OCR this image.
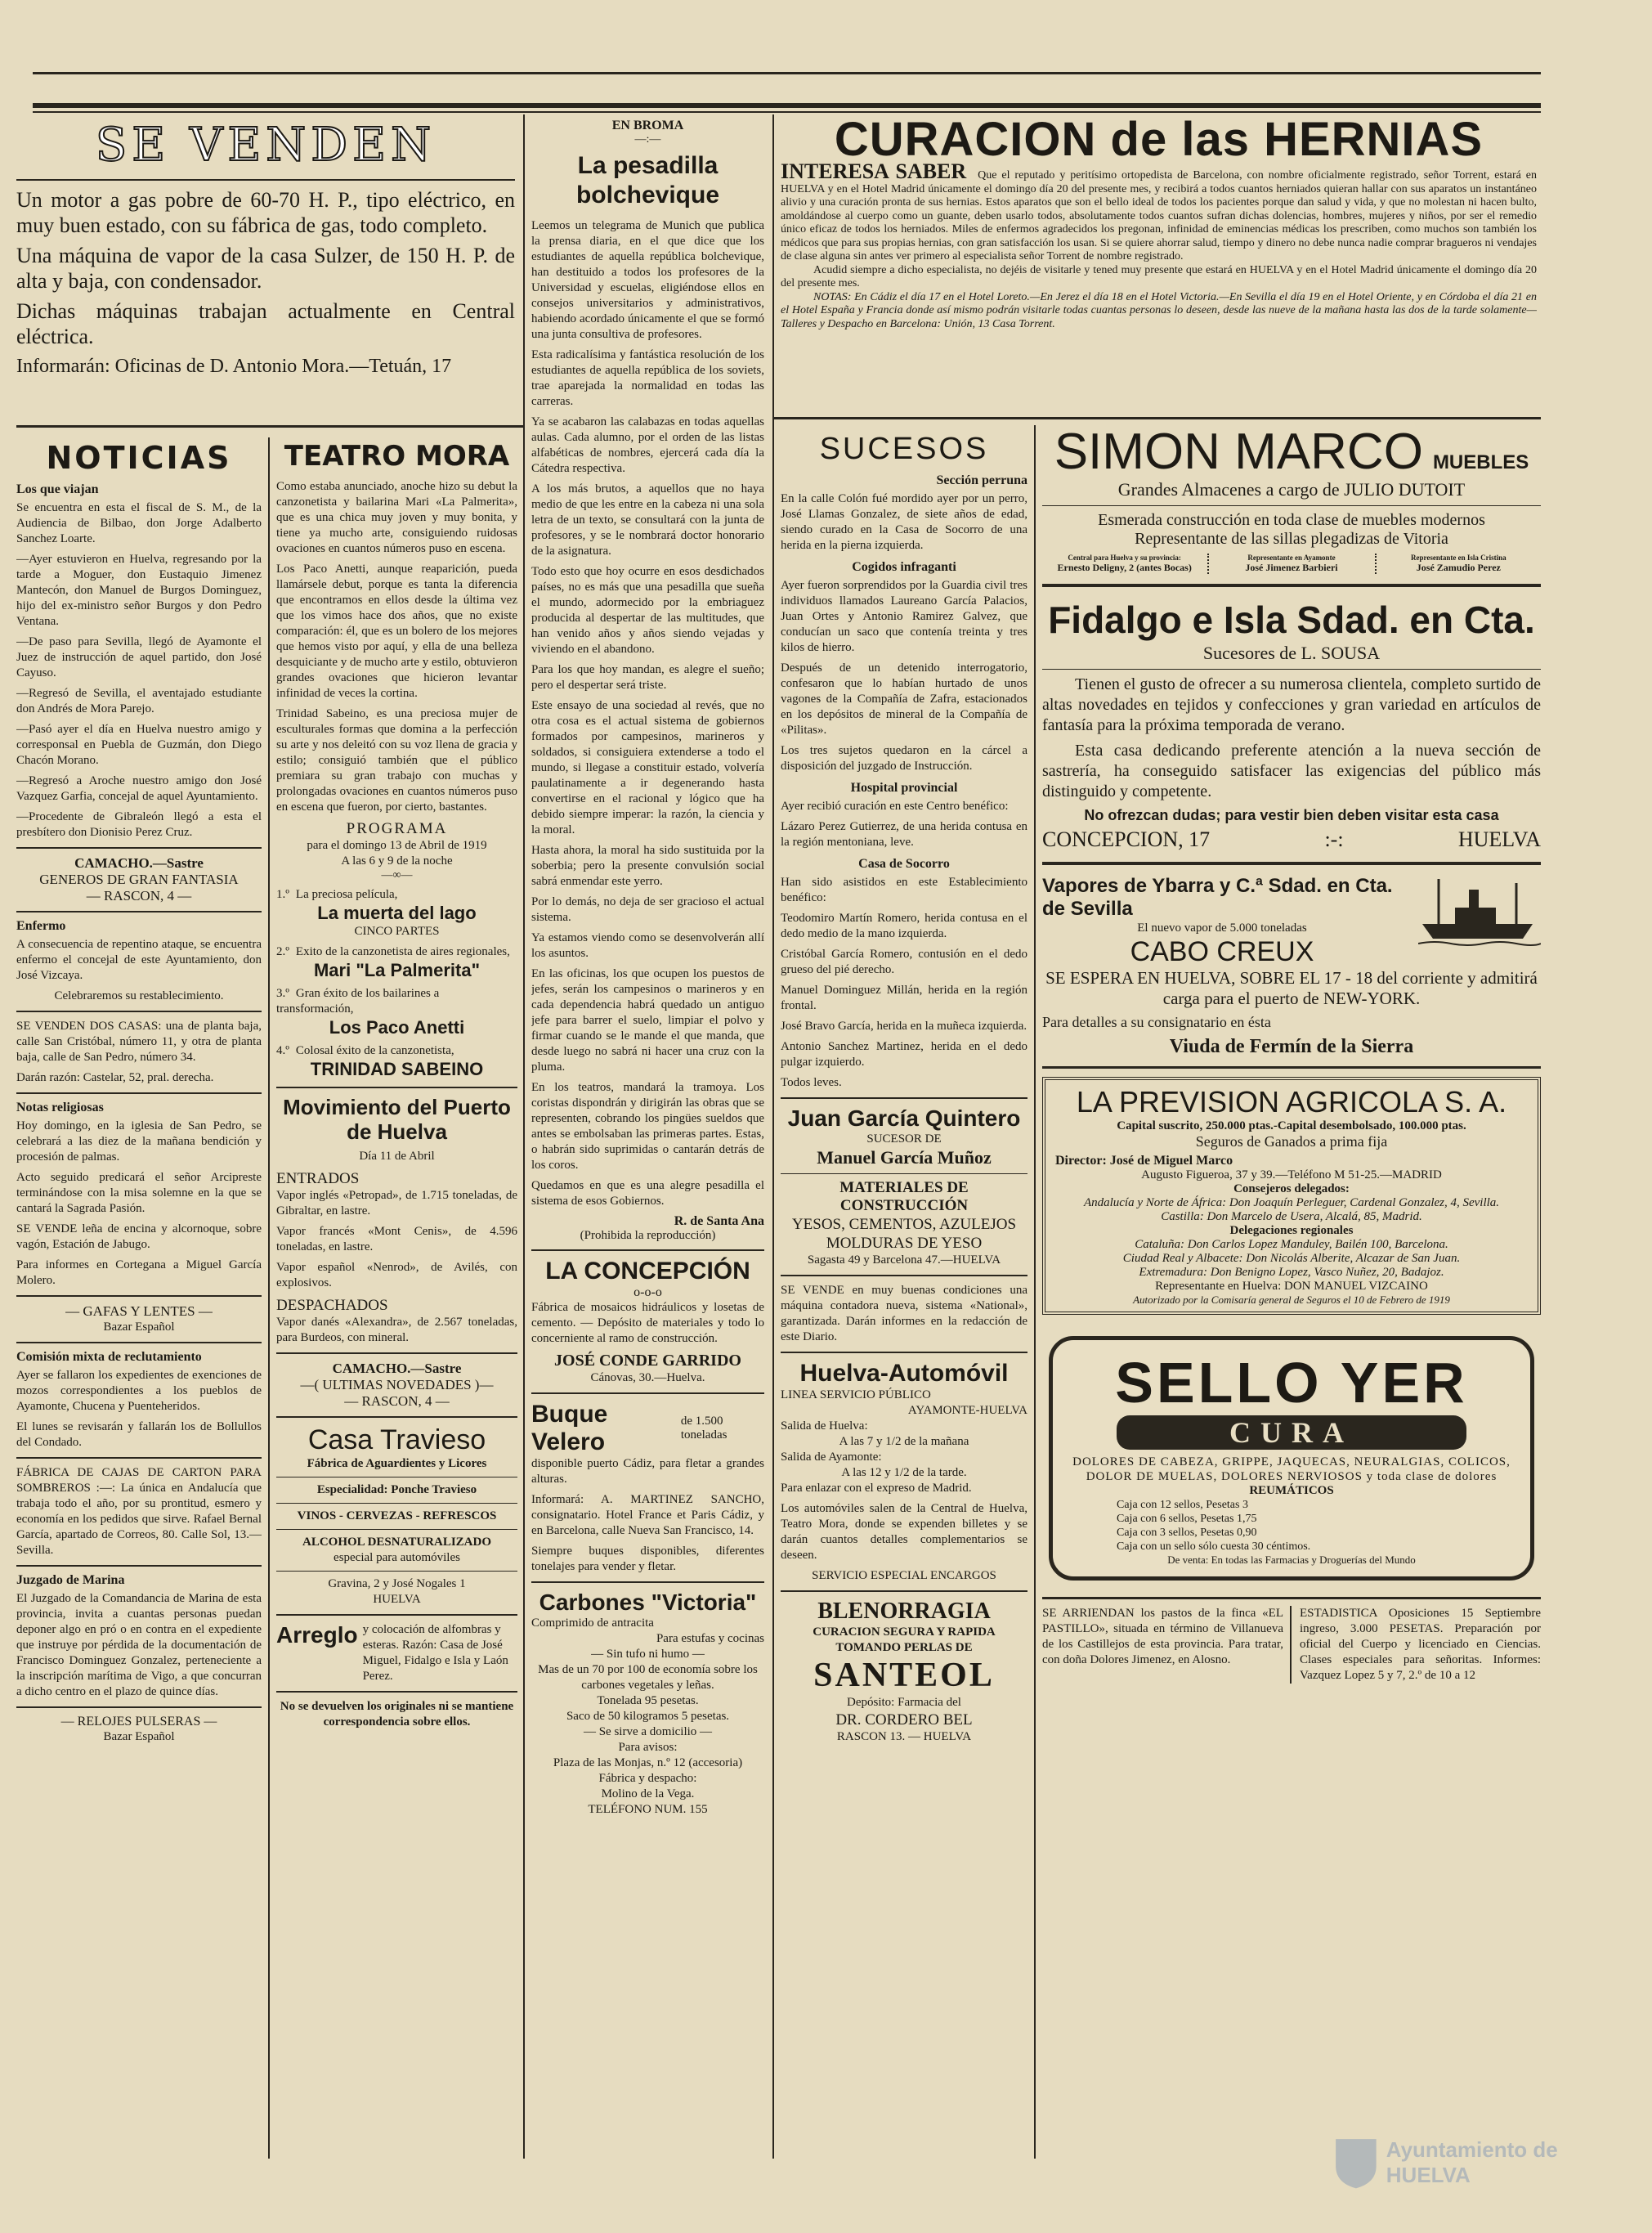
SE VENDEN

Un motor a gas pobre de 60-70 H. P., tipo eléctrico, en muy buen estado, con su fábrica de gas, todo completo.

Una máquina de vapor de la casa Sulzer, de 150 H. P. de alta y baja, con condensador.

Dichas máquinas trabajan actualmente en Central eléctrica.

Informarán: Oficinas de D. Antonio Mora.—Tetuán, 17

EN BROMA
—:—
La pesadilla bolchevique

Leemos un telegrama de Munich que publica la prensa diaria, en el que dice que los estudiantes de aquella república bolchevique, han destituido a todos los profesores de la Universidad y escuelas, eligiéndose ellos en consejos universitarios y administrativos, habiendo acordado únicamente el que se formó una junta consultiva de profesores.

Esta radicalísima y fantástica resolución de los estudiantes de aquella república de los soviets, trae aparejada la normalidad en todas las carreras.

Ya se acabaron las calabazas en todas aquellas aulas. Cada alumno, por el orden de las listas alfabéticas de nombres, ejercerá cada día la Cátedra respectiva.

A los más brutos, a aquellos que no haya medio de que les entre en la cabeza ni una sola letra de un texto, se consultará con la junta de profesores, y se le nombrará doctor honorario de la asignatura.

Todo esto que hoy ocurre en esos desdichados países, no es más que una pesadilla que sueña el mundo, adormecido por la embriaguez producida al despertar de las multitudes, que han venido años y años siendo vejadas y viviendo en el abandono.

Para los que hoy mandan, es alegre el sueño; pero el despertar será triste.

Este ensayo de una sociedad al revés, que no otra cosa es el actual sistema de gobiernos formados por campesinos, marineros y soldados, si consiguiera extenderse a todo el mundo, si llegase a constituir estado, volvería paulatinamente a ir degenerando hasta convertirse en el racional y lógico que ha debido siempre imperar: la razón, la ciencia y la moral.

Hasta ahora, la moral ha sido sustituida por la soberbia; pero la presente convulsión social sabrá enmendar este yerro.

Por lo demás, no deja de ser gracioso el actual sistema.

Ya estamos viendo como se desenvolverán allí los asuntos.

En las oficinas, los que ocupen los puestos de jefes, serán los campesinos o marineros y en cada dependencia habrá quedado un antiguo jefe para barrer el suelo, limpiar el polvo y firmar cuando se le mande el que manda, que desde luego no sabrá ni hacer una cruz con la pluma.

En los teatros, mandará la tramoya. Los coristas dispondrán y dirigirán las obras que se representen, cobrando los pingües sueldos que antes se embolsaban las primeras partes. Estas, o habrán sido suprimidas o cantarán detrás de los coros.

Quedamos en que es una alegre pesadilla el sistema de esos Gobiernos.

R. de Santa Ana
(Prohibida la reproducción)
LA CONCEPCIÓN
o-o-o

Fábrica de mosaicos hidráulicos y losetas de cemento. — Depósito de materiales y todo lo concerniente al ramo de construcción.

JOSÉ CONDE GARRIDO
Cánovas, 30.—Huelva.
Buque Velero
de 1.500 toneladas

disponible puerto Cádiz, para fletar a grandes alturas.

Informará: A. MARTINEZ SANCHO, consignatario. Hotel France et Paris Cádiz, y en Barcelona, calle Nueva San Francisco, 14.

Siempre buques disponibles, diferentes tonelajes para vender y fletar.

Carbones "Victoria"
Comprimido de antracita
Para estufas y cocinas
— Sin tufo ni humo —
Mas de un 70 por 100 de economía sobre los carbones vegetales y leñas.
Tonelada 95 pesetas.
Saco de 50 kilogramos 5 pesetas.
— Se sirve a domicilio —
Para avisos:
Plaza de las Monjas, n.º 12 (accesoria)
Fábrica y despacho:
Molino de la Vega.
TELÉFONO NUM. 155
CURACION de las HERNIAS
INTERESA SABER Que el reputado y peritísimo ortopedista de Barcelona, con nombre oficialmente registrado, señor Torrent, estará en HUELVA y en el Hotel Madrid únicamente el domingo día 20 del presente mes, y recibirá a todos cuantos herniados quieran hallar con sus aparatos un instantáneo alivio y una curación pronta de sus hernias. Estos aparatos que son el bello ideal de todos los pacientes porque dan salud y vida, y que no molestan ni hacen bulto, amoldándose al cuerpo como un guante, deben usarlo todos, absolutamente todos cuantos sufran dichas dolencias, hombres, mujeres y niños, por ser el remedio único eficaz de todos los herniados. Miles de enfermos agradecidos los pregonan, infinidad de eminencias médicas los prescriben, como muchos son también los médicos que para sus propias hernias, con gran satisfacción los usan. Si se quiere ahorrar salud, tiempo y dinero no debe nunca nadie comprar bragueros ni vendajes de clase alguna sin antes ver primero al especialista señor Torrent de nombre registrado.
Acudid siempre a dicho especialista, no dejéis de visitarle y tened muy presente que estará en HUELVA y en el Hotel Madrid únicamente el domingo día 20 del presente mes.
NOTAS: En Cádiz el día 17 en el Hotel Loreto.—En Jerez el día 18 en el Hotel Victoria.—En Sevilla el día 19 en el Hotel Oriente, y en Córdoba el día 21 en el Hotel España y Francia donde así mismo podrán visitarle todas cuantas personas lo deseen, desde las nueve de la mañana hasta las dos de la tarde solamente—Talleres y Despacho en Barcelona: Unión, 13 Casa Torrent.
NOTICIAS
Los que viajan

Se encuentra en esta el fiscal de S. M., de la Audiencia de Bilbao, don Jorge Adalberto Sanchez Loarte.

—Ayer estuvieron en Huelva, regresando por la tarde a Moguer, don Eustaquio Jimenez Mantecón, don Manuel de Burgos Dominguez, hijo del ex-ministro señor Burgos y don Pedro Ventana.

—De paso para Sevilla, llegó de Ayamonte el Juez de instrucción de aquel partido, don José Cayuso.

—Regresó de Sevilla, el aventajado estudiante don Andrés de Mora Parejo.

—Pasó ayer el día en Huelva nuestro amigo y corresponsal en Puebla de Guzmán, don Diego Chacón Morano.

—Regresó a Aroche nuestro amigo don José Vazquez Garfia, concejal de aquel Ayuntamiento.

—Procedente de Gibraleón llegó a esta el presbítero don Dionisio Perez Cruz.

CAMACHO.—Sastre
GENEROS DE GRAN FANTASIA
— RASCON, 4 —
Enfermo

A consecuencia de repentino ataque, se encuentra enfermo el concejal de este Ayuntamiento, don José Vizcaya.

Celebraremos su restablecimiento.

SE VENDEN DOS CASAS: una de planta baja, calle San Cristóbal, número 11, y otra de planta baja, calle de San Pedro, número 34.

Darán razón: Castelar, 52, pral. derecha.

Notas religiosas

Hoy domingo, en la iglesia de San Pedro, se celebrará a las diez de la mañana bendición y procesión de palmas.

Acto seguido predicará el señor Arcipreste terminándose con la misa solemne en la que se cantará la Sagrada Pasión.

SE VENDE leña de encina y alcornoque, sobre vagón, Estación de Jabugo.

Para informes en Cortegana a Miguel García Molero.

— GAFAS Y LENTES —
Bazar Español
Comisión mixta de reclutamiento

Ayer se fallaron los expedientes de exenciones de mozos correspondientes a los pueblos de Ayamonte, Chucena y Puenteheridos.

El lunes se revisarán y fallarán los de Bollullos del Condado.

FÁBRICA DE CAJAS DE CARTON PARA SOMBREROS :—: La única en Andalucía que trabaja todo el año, por su prontitud, esmero y economía en los pedidos que sirve. Rafael Bernal García, apartado de Correos, 80. Calle Sol, 13.—Sevilla.

Juzgado de Marina

El Juzgado de la Comandancia de Marina de esta provincia, invita a cuantas personas puedan deponer algo en pró o en contra en el expediente que instruye por pérdida de la documentación de Francisco Dominguez Gonzalez, perteneciente a la inscripción marítima de Vigo, a que concurran a dicho centro en el plazo de quince días.

— RELOJES PULSERAS —
Bazar Español
TEATRO MORA

Como estaba anunciado, anoche hizo su debut la canzonetista y bailarina Mari «La Palmerita», que es una chica muy joven y muy bonita, y tiene ya mucho arte, consiguiendo ruidosas ovaciones en cuantos números puso en escena.

Los Paco Anetti, aunque reaparición, pueda llamársele debut, porque es tanta la diferencia que encontramos en ellos desde la última vez que los vimos hace dos años, que no existe comparación: él, que es un bolero de los mejores que hemos visto por aquí, y ella de una belleza desquiciante y de mucho arte y estilo, obtuvieron grandes ovaciones que hicieron levantar infinidad de veces la cortina.

Trinidad Sabeino, es una preciosa mujer de esculturales formas que domina a la perfección su arte y nos deleitó con su voz llena de gracia y estilo; consiguió también que el público premiara su gran trabajo con muchas y prolongadas ovaciones en cuantos números puso en escena que fueron, por cierto, bastantes.

PROGRAMA
para el domingo 13 de Abril de 1919
A las 6 y 9 de la noche
—∞—
1.º La preciosa película,
La muerta del lago
CINCO PARTES
2.º Exito de la canzonetista de aires regionales,
Mari "La Palmerita"
3.º Gran éxito de los bailarines a transformación,
Los Paco Anetti
4.º Colosal éxito de la canzonetista,
TRINIDAD SABEINO
Movimiento del Puerto de Huelva
Día 11 de Abril
ENTRADOS

Vapor inglés «Petropad», de 1.715 toneladas, de Gibraltar, en lastre.

Vapor francés «Mont Cenis», de 4.596 toneladas, en lastre.

Vapor español «Nenrod», de Avilés, con explosivos.

DESPACHADOS

Vapor danés «Alexandra», de 2.567 toneladas, para Burdeos, con mineral.

CAMACHO.—Sastre
—( ULTIMAS NOVEDADES )—
— RASCON, 4 —
Casa Travieso
Fábrica de Aguardientes y Licores
Especialidad: Ponche Travieso
VINOS - CERVEZAS - REFRESCOS
ALCOHOL DESNATURALIZADO
especial para automóviles
Gravina, 2 y José Nogales 1
HUELVA
Arreglo y colocación de alfombras y esteras. Razón: Casa de José Miguel, Fidalgo e Isla y Laón Perez.
No se devuelven los originales ni se mantiene correspondencia sobre ellos.
SUCESOS
Sección perruna

En la calle Colón fué mordido ayer por un perro, José Llamas Gonzalez, de siete años de edad, siendo curado en la Casa de Socorro de una herida en la pierna izquierda.

Cogidos infraganti

Ayer fueron sorprendidos por la Guardia civil tres individuos llamados Laureano García Palacios, Juan Ortes y Antonio Ramirez Galvez, que conducían un saco que contenía treinta y tres kilos de hierro.

Después de un detenido interrogatorio, confesaron que lo habían hurtado de unos vagones de la Compañía de Zafra, estacionados en los depósitos de mineral de la Compañía de «Pilitas».

Los tres sujetos quedaron en la cárcel a disposición del juzgado de Instrucción.

Hospital provincial

Ayer recibió curación en este Centro benéfico:

Lázaro Perez Gutierrez, de una herida contusa en la región mentoniana, leve.

Casa de Socorro

Han sido asistidos en este Establecimiento benéfico:

Teodomiro Martín Romero, herida contusa en el dedo medio de la mano izquierda.

Cristóbal García Romero, contusión en el dedo grueso del pié derecho.

Manuel Dominguez Millán, herida en la región frontal.

José Bravo García, herida en la muñeca izquierda.

Antonio Sanchez Martinez, herida en el dedo pulgar izquierdo.

Todos leves.

Juan García Quintero
SUCESOR DE
Manuel García Muñoz
MATERIALES DE CONSTRUCCIÓN
YESOS, CEMENTOS, AZULEJOS
MOLDURAS DE YESO
Sagasta 49 y Barcelona 47.—HUELVA

SE VENDE en muy buenas condiciones una máquina contadora nueva, sistema «National», garantizada. Darán informes en la redacción de este Diario.

Huelva-Automóvil
LINEA SERVICIO PÚBLICO
AYAMONTE-HUELVA
Salida de Huelva:
A las 7 y 1/2 de la mañana
Salida de Ayamonte:
A las 12 y 1/2 de la tarde.

Para enlazar con el expreso de Madrid.

Los automóviles salen de la Central de Huelva, Teatro Mora, donde se expenden billetes y se darán cuantos detalles complementarios se deseen.

SERVICIO ESPECIAL ENCARGOS
BLENORRAGIA
CURACION SEGURA Y RAPIDA
TOMANDO PERLAS DE
SANTEOL
Depósito: Farmacia del
DR. CORDERO BEL
RASCON 13. — HUELVA
SIMON MARCO MUEBLES
Grandes Almacenes a cargo de JULIO DUTOIT
Esmerada construcción en toda clase de muebles modernos
Representante de las sillas plegadizas de Vitoria
Central para Huelva y su provincia:
Ernesto Deligny, 2 (antes Bocas)
Representante en Ayamonte
José Jimenez Barbieri
Representante en Isla Cristina
José Zamudio Perez
Fidalgo e Isla Sdad. en Cta.
Sucesores de L. SOUSA

Tienen el gusto de ofrecer a su numerosa clientela, completo surtido de altas novedades en tejidos y confecciones y gran variedad en artículos de fantasía para la próxima temporada de verano.

Esta casa dedicando preferente atención a la nueva sección de sastrería, ha conseguido satisfacer las exigencias del público más distinguido y competente.

No ofrezcan dudas; para vestir bien deben visitar esta casa
CONCEPCION, 17	:-:	HUELVA
Vapores de Ybarra y C.ª Sdad. en Cta. de Sevilla
El nuevo vapor de 5.000 toneladas
CABO CREUX
SE ESPERA EN HUELVA, SOBRE EL 17 - 18 del corriente y admitirá carga para el puerto de NEW-YORK.
Para detalles a su consignatario en ésta
Viuda de Fermín de la Sierra
LA PREVISION AGRICOLA S. A.
Capital suscrito, 250.000 ptas.-Capital desembolsado, 100.000 ptas.
Seguros de Ganados a prima fija
Director: José de Miguel Marco
Augusto Figueroa, 37 y 39.—Teléfono M 51-25.—MADRID
Consejeros delegados:
Andalucía y Norte de África: Don Joaquín Perleguer, Cardenal Gonzalez, 4, Sevilla.
Castilla: Don Marcelo de Usera, Alcalá, 85, Madrid.
Delegaciones regionales
Cataluña: Don Carlos Lopez Manduley, Bailén 100, Barcelona.
Ciudad Real y Albacete: Don Nicolás Alberite, Alcazar de San Juan.
Extremadura: Don Benigno Lopez, Vasco Nuñez, 20, Badajoz.
Representante en Huelva: DON MANUEL VIZCAINO
Autorizado por la Comisaría general de Seguros el 10 de Febrero de 1919
SELLO YER
CURA
DOLORES DE CABEZA, GRIPPE, JAQUECAS, NEURALGIAS, COLICOS, DOLOR DE MUELAS, DOLORES NERVIOSOS y toda clase de dolores
REUMÁTICOS
Caja con 12 sellos, Pesetas 3
Caja con 6 sellos, Pesetas 1,75
Caja con 3 sellos, Pesetas 0,90
Caja con un sello sólo cuesta 30 céntimos.
De venta: En todas las Farmacias y Droguerías del Mundo

SE ARRIENDAN los pastos de la finca «EL PASTILLO», situada en término de Villanueva de los Castillejos de esta provincia. Para tratar, con doña Dolores Jimenez, en Alosno.

ESTADISTICA Oposiciones 15 Septiembre ingreso, 3.000 PESETAS. Preparación por oficial del Cuerpo y licenciado en Ciencias. Clases especiales para señoritas. Informes: Vazquez Lopez 5 y 7, 2.º de 10 a 12

Ayuntamiento de HUELVA
